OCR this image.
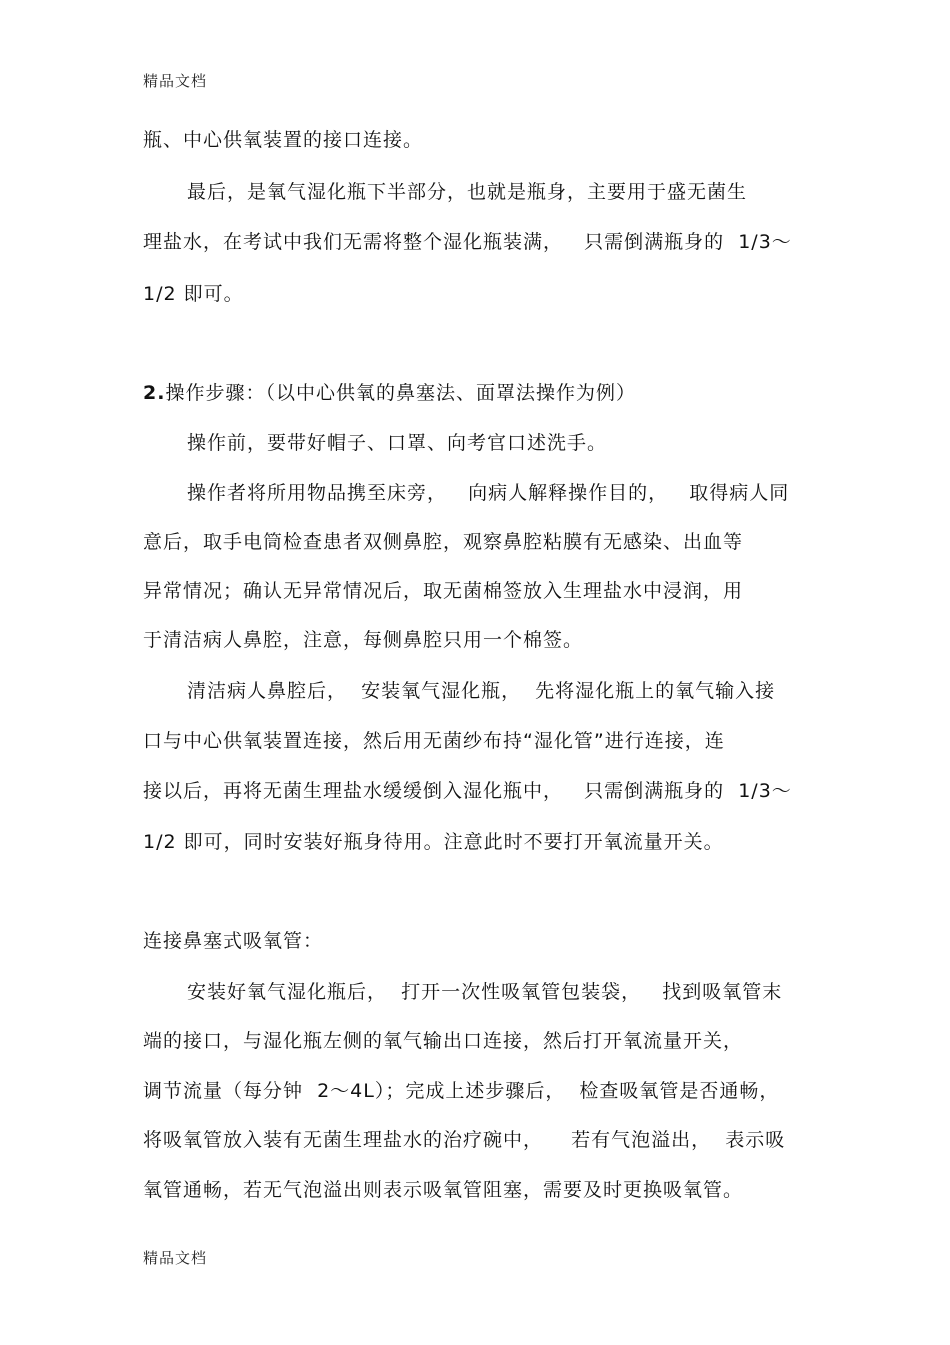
精品文档
瓶、中心供氧装置的接口连接。
最后，是氧气湿化瓶下半部分，也就是瓶身，主要用于盛无菌生
理盐水，在考试中我们无需将整个湿化瓶装满，   只需倒满瓶身的  1/3～
1/2 即可。
2.操作步骤：（以中心供氧的鼻塞法、面罩法操作为例）
操作前，要带好帽子、口罩、向考官口述洗手。
操作者将所用物品携至床旁，   向病人解释操作目的，   取得病人同
意后，取手电筒检查患者双侧鼻腔，观察鼻腔粘膜有无感染、出血等
异常情况；确认无异常情况后，取无菌棉签放入生理盐水中浸润，用
于清洁病人鼻腔，注意，每侧鼻腔只用一个棉签。
清洁病人鼻腔后，  安装氧气湿化瓶，  先将湿化瓶上的氧气输入接
口与中心供氧装置连接，然后用无菌纱布持“湿化管”进行连接，连
接以后，再将无菌生理盐水缓缓倒入湿化瓶中，   只需倒满瓶身的  1/3～
1/2 即可，同时安装好瓶身待用。注意此时不要打开氧流量开关。
连接鼻塞式吸氧管：
安装好氧气湿化瓶后，  打开一次性吸氧管包装袋，   找到吸氧管末
端的接口，与湿化瓶左侧的氧气输出口连接，然后打开氧流量开关，
调节流量（每分钟  2～4L）；完成上述步骤后，  检查吸氧管是否通畅，
将吸氧管放入装有无菌生理盐水的治疗碗中，    若有气泡溢出，  表示吸
氧管通畅，若无气泡溢出则表示吸氧管阻塞，需要及时更换吸氧管。
精品文档
